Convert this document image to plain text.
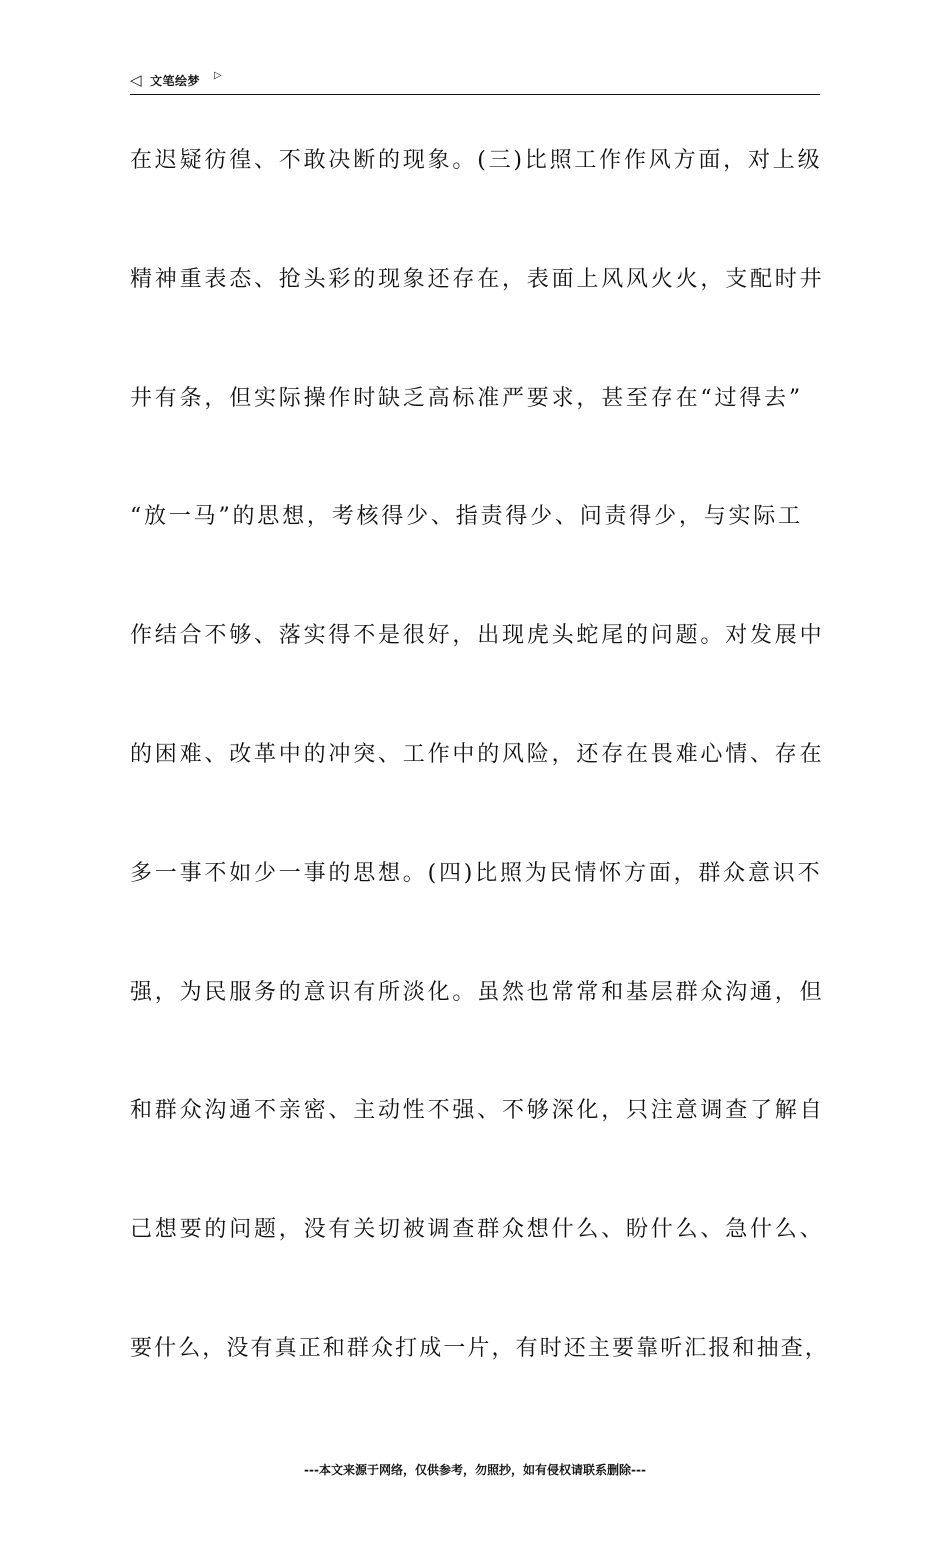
◁ 文笔绘梦 ▷
在迟疑彷徨、不敢决断的现象。(三)比照工作作风方面，对上级
精神重表态、抢头彩的现象还存在，表面上风风火火，支配时井
井有条，但实际操作时缺乏高标准严要求，甚至存在“过得去”
“放一马”的思想，考核得少、指责得少、问责得少，与实际工
作结合不够、落实得不是很好，出现虎头蛇尾的问题。对发展中
的困难、改革中的冲突、工作中的风险，还存在畏难心情、存在
多一事不如少一事的思想。(四)比照为民情怀方面，群众意识不
强，为民服务的意识有所淡化。虽然也常常和基层群众沟通，但
和群众沟通不亲密、主动性不强、不够深化，只注意调查了解自
己想要的问题，没有关切被调查群众想什么、盼什么、急什么、
要什么，没有真正和群众打成一片，有时还主要靠听汇报和抽查，
---本文来源于网络，仅供参考，勿照抄，如有侵权请联系删除---
